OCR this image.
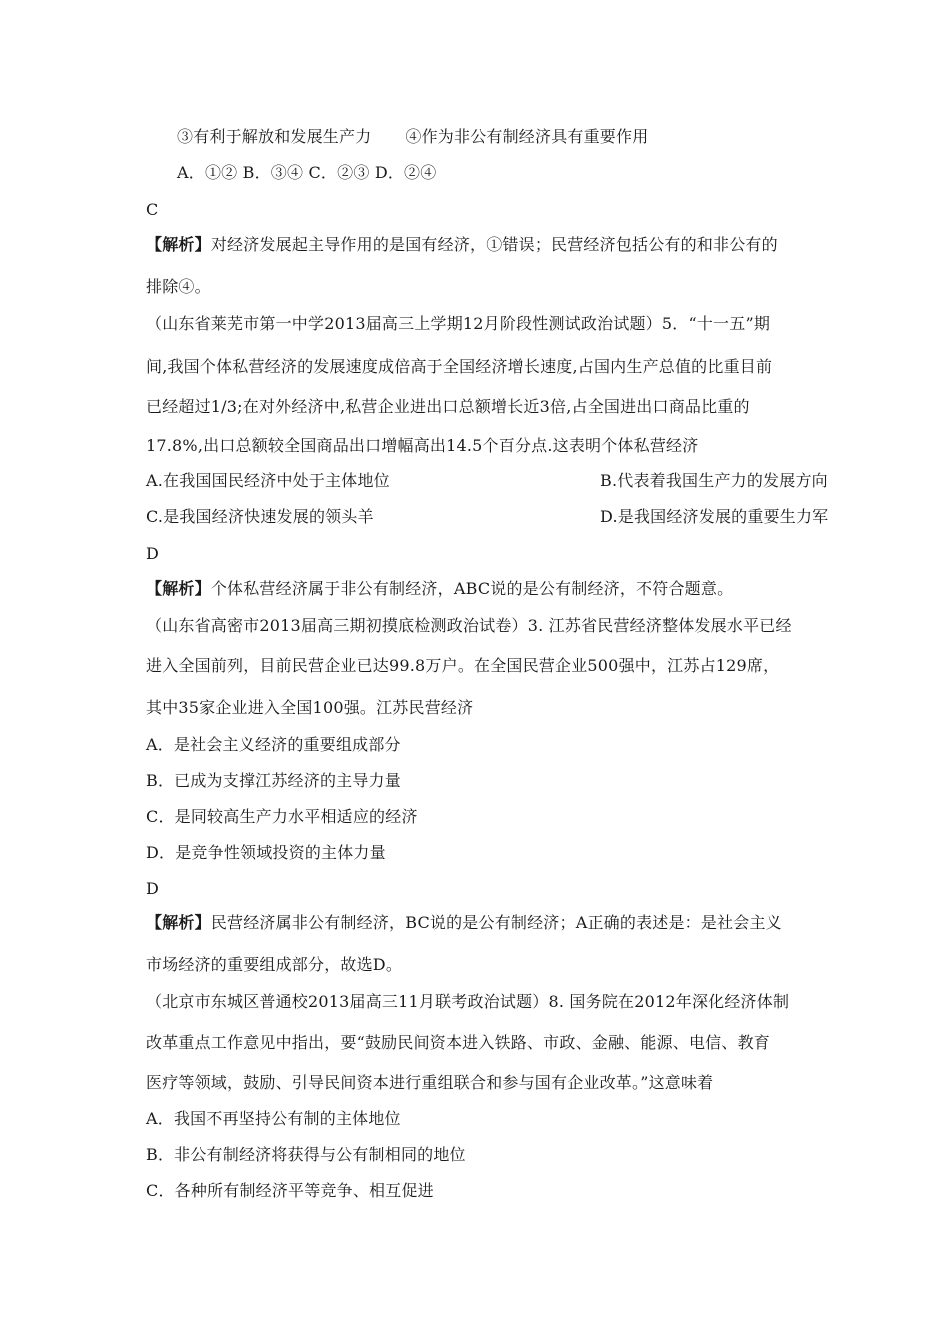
③有利于解放和发展生产力 ④作为非公有制经济具有重要作用
A．①② B．③④ C．②③ D．②④
C
【解析】对经济发展起主导作用的是国有经济，①错误；民营经济包括公有的和非公有的
排除④。
（山东省莱芜市第一中学2013届高三上学期12月阶段性测试政治试题）5．“十一五”期
间,我国个体私营经济的发展速度成倍高于全国经济增长速度,占国内生产总值的比重目前
已经超过1/3;在对外经济中,私营企业进出口总额增长近3倍,占全国进出口商品比重的
17.8%,出口总额较全国商品出口增幅高出14.5个百分点.这表明个体私营经济
A.在我国国民经济中处于主体地位	B.代表着我国生产力的发展方向
C.是我国经济快速发展的领头羊	D.是我国经济发展的重要生力军
D
【解析】个体私营经济属于非公有制经济，ABC说的是公有制经济，不符合题意。
（山东省高密市2013届高三期初摸底检测政治试卷）3. 江苏省民营经济整体发展水平已经
进入全国前列，目前民营企业已达99.8万户。在全国民营企业500强中，江苏占129席，
其中35家企业进入全国100强。江苏民营经济
A．是社会主义经济的重要组成部分
B．已成为支撑江苏经济的主导力量
C．是同较高生产力水平相适应的经济
D．是竞争性领域投资的主体力量
D
【解析】民营经济属非公有制经济，BC说的是公有制经济；A正确的表述是：是社会主义
市场经济的重要组成部分，故选D。
（北京市东城区普通校2013届高三11月联考政治试题）8. 国务院在2012年深化经济体制
改革重点工作意见中指出，要“鼓励民间资本进入铁路、市政、金融、能源、电信、教育
医疗等领域，鼓励、引导民间资本进行重组联合和参与国有企业改革。”这意味着
A．我国不再坚持公有制的主体地位
B．非公有制经济将获得与公有制相同的地位
C．各种所有制经济平等竞争、相互促进
